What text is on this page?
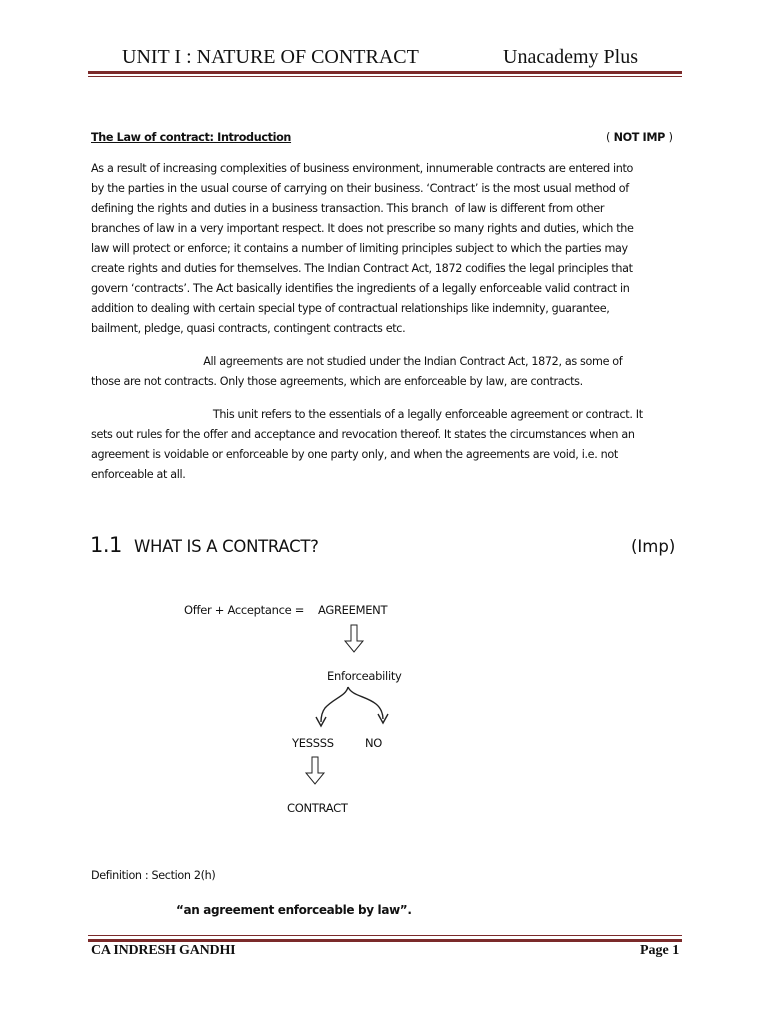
UNIT I : NATURE OF CONTRACT	Unacademy Plus
The Law of contract: Introduction	( NOT IMP )
As a result of increasing complexities of business environment, innumerable contracts are entered into
by the parties in the usual course of carrying on their business. ‘Contract’ is the most usual method of
defining the rights and duties in a business transaction. This branch  of law is different from other
branches of law in a very important respect. It does not prescribe so many rights and duties, which the
law will protect or enforce; it contains a number of limiting principles subject to which the parties may
create rights and duties for themselves. The Indian Contract Act, 1872 codifies the legal principles that
govern ‘contracts’. The Act basically identifies the ingredients of a legally enforceable valid contract in
addition to dealing with certain special type of contractual relationships like indemnity, guarantee,
bailment, pledge, quasi contracts, contingent contracts etc.
All agreements are not studied under the Indian Contract Act, 1872, as some of
those are not contracts. Only those agreements, which are enforceable by law, are contracts.
This unit refers to the essentials of a legally enforceable agreement or contract. It
sets out rules for the offer and acceptance and revocation thereof. It states the circumstances when an
agreement is voidable or enforceable by one party only, and when the agreements are void, i.e. not
enforceable at all.
1.1 WHAT IS A CONTRACT?	(Imp)
Offer + Acceptance = AGREEMENT
Enforceability
YESSSS	NO
CONTRACT
Definition : Section 2(h)
“an agreement enforceable by law”.
CA INDRESH GANDHI	Page 1
